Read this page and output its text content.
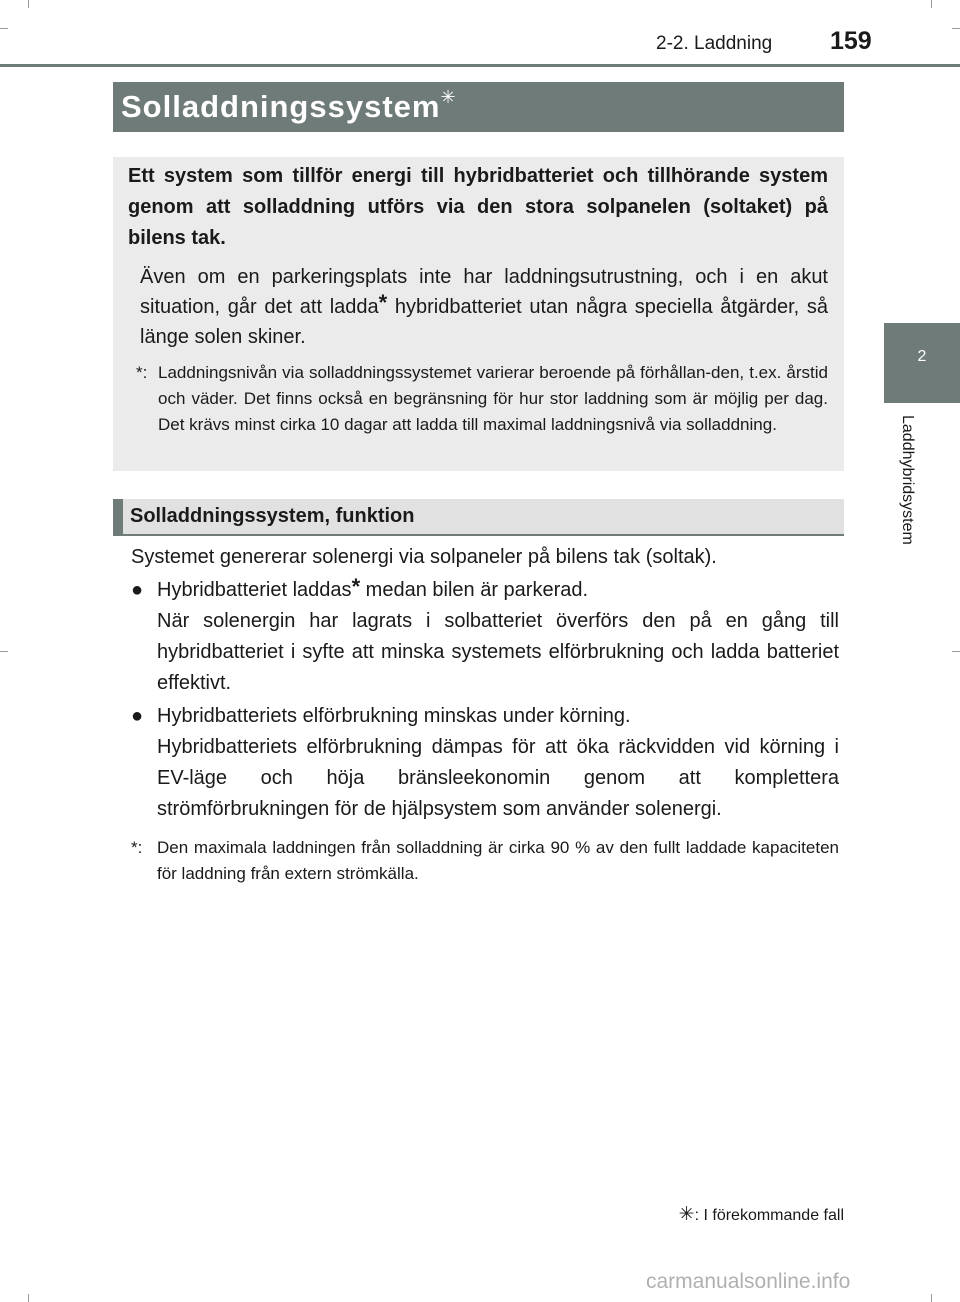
2-2. Laddning 159
2
Laddhybridsystem
Solladdningssystem✳

Ett system som tillför energi till hybridbatteriet och tillhörande system genom att solladdning utförs via den stora solpanelen (soltaket) på bilens tak.

Även om en parkeringsplats inte har laddningsutrustning, och i en akut situation, går det att ladda* hybridbatteriet utan några speciella åtgärder, så länge solen skiner.

*: Laddningsnivån via solladdningssystemet varierar beroende på förhållan-den, t.ex. årstid och väder. Det finns också en begränsning för hur stor laddning som är möjlig per dag. Det krävs minst cirka 10 dagar att ladda till maximal laddningsnivå via solladdning.
Solladdningssystem, funktion

Systemet genererar solenergi via solpaneler på bilens tak (soltak).

● Hybridbatteriet laddas* medan bilen är parkerad.

När solenergin har lagrats i solbatteriet överförs den på en gång till hybridbatteriet i syfte att minska systemets elförbrukning och ladda batteriet effektivt.

● Hybridbatteriets elförbrukning minskas under körning.

Hybridbatteriets elförbrukning dämpas för att öka räckvidden vid körning i EV-läge och höja bränsleekonomin genom att komplettera strömförbrukningen för de hjälpsystem som använder solenergi.

*: Den maximala laddningen från solladdning är cirka 90 % av den fullt laddade kapaciteten för laddning från extern strömkälla.
✳: I förekommande fall
carmanualsonline.info
